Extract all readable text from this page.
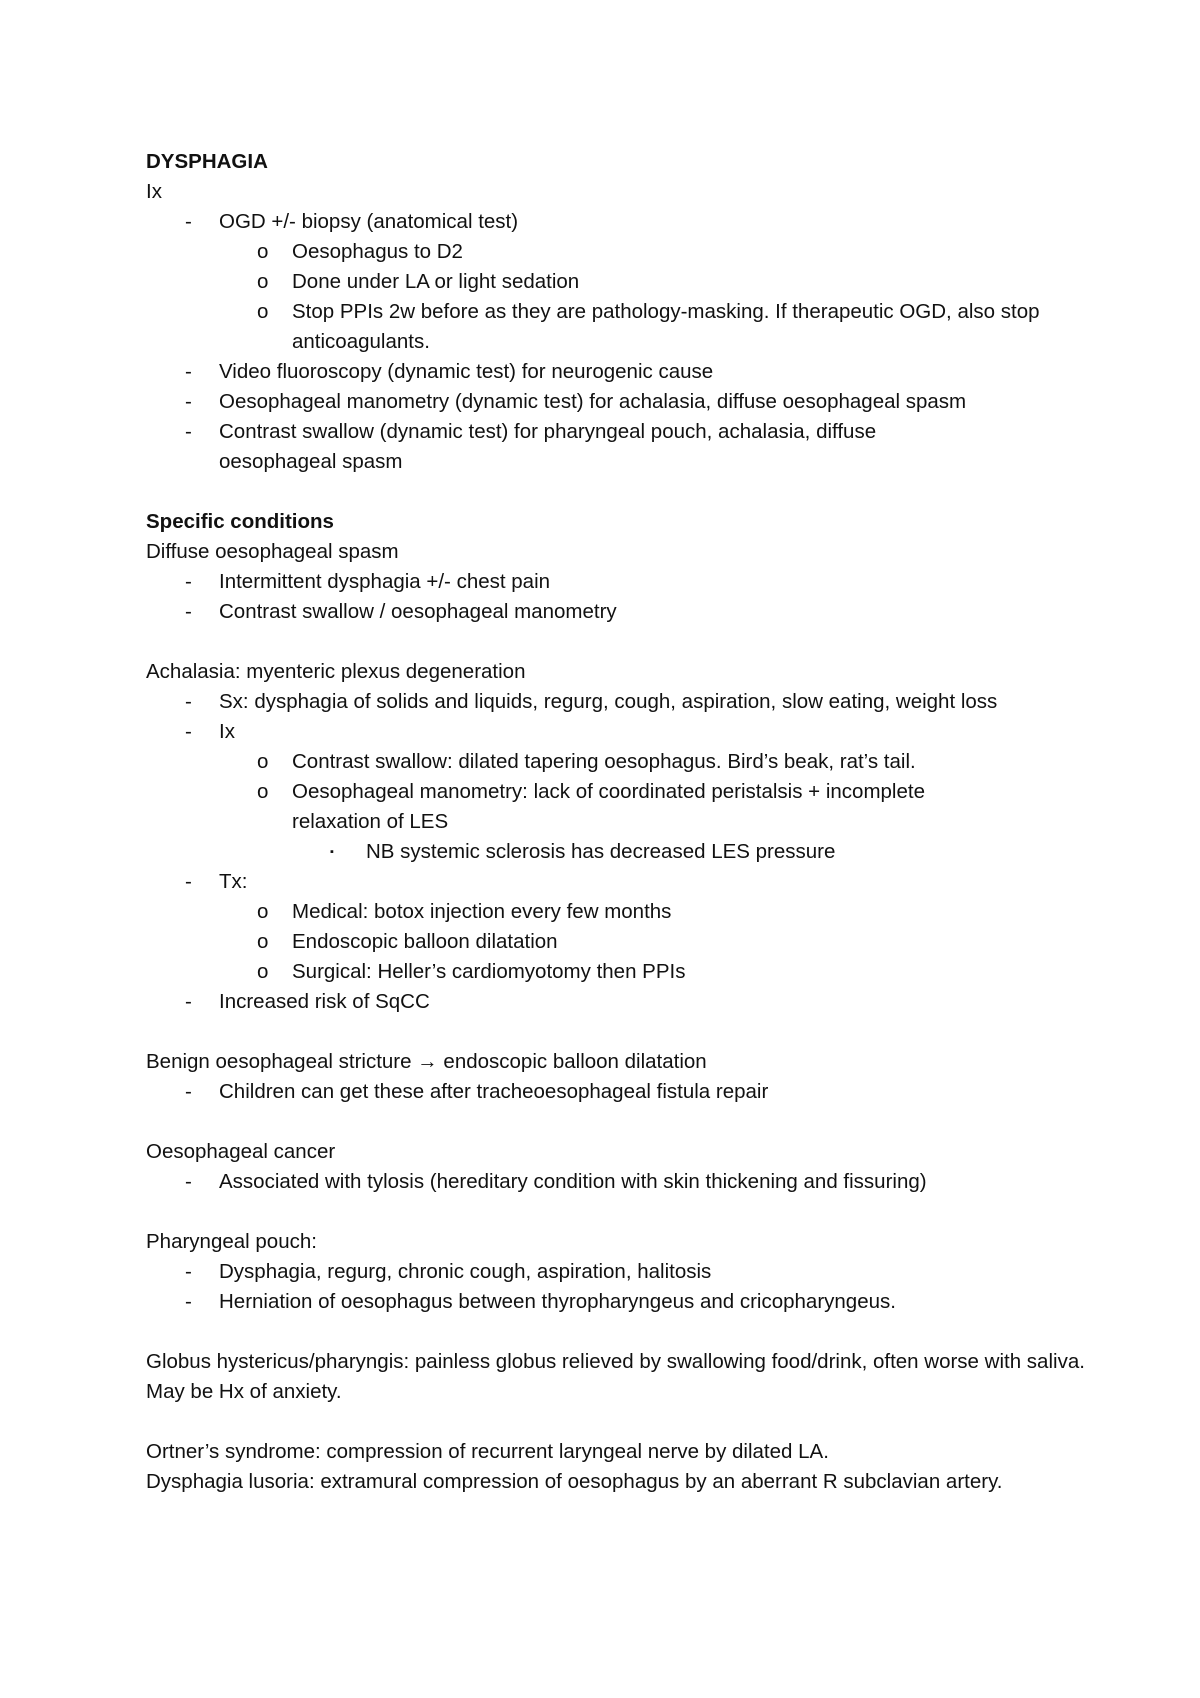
DYSPHAGIA
Ix
- OGD +/- biopsy (anatomical test)
o Oesophagus to D2
o Done under LA or light sedation
o Stop PPIs 2w before as they are pathology-masking. If therapeutic OGD, also stop anticoagulants.
- Video fluoroscopy (dynamic test) for neurogenic cause
- Oesophageal manometry (dynamic test) for achalasia, diffuse oesophageal spasm
- Contrast swallow (dynamic test) for pharyngeal pouch, achalasia, diffuse oesophageal spasm
Specific conditions
Diffuse oesophageal spasm
- Intermittent dysphagia +/- chest pain
- Contrast swallow / oesophageal manometry
Achalasia: myenteric plexus degeneration
- Sx: dysphagia of solids and liquids, regurg, cough, aspiration, slow eating, weight loss
- Ix
o Contrast swallow: dilated tapering oesophagus. Bird’s beak, rat’s tail.
o Oesophageal manometry: lack of coordinated peristalsis + incomplete relaxation of LES
▪ NB systemic sclerosis has decreased LES pressure
- Tx:
o Medical: botox injection every few months
o Endoscopic balloon dilatation
o Surgical: Heller’s cardiomyotomy then PPIs
- Increased risk of SqCC
Benign oesophageal stricture → endoscopic balloon dilatation
- Children can get these after tracheoesophageal fistula repair
Oesophageal cancer
- Associated with tylosis (hereditary condition with skin thickening and fissuring)
Pharyngeal pouch:
- Dysphagia, regurg, chronic cough, aspiration, halitosis
- Herniation of oesophagus between thyropharyngeus and cricopharyngeus.
Globus hystericus/pharyngis: painless globus relieved by swallowing food/drink, often worse with saliva. May be Hx of anxiety.
Ortner’s syndrome: compression of recurrent laryngeal nerve by dilated LA.
Dysphagia lusoria: extramural compression of oesophagus by an aberrant R subclavian artery.
